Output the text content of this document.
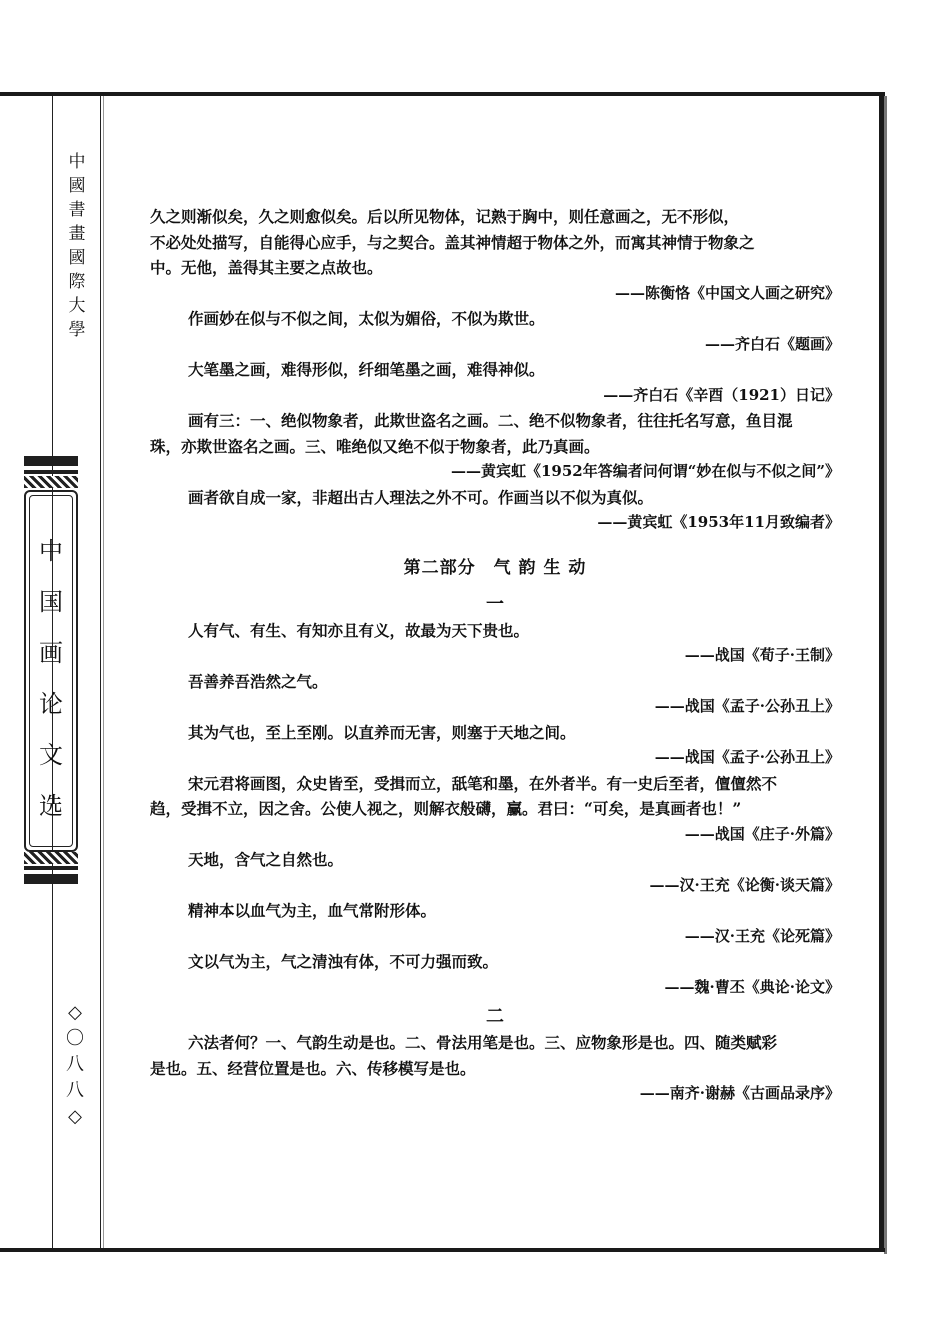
中
國
書
畫
國
際
大
學
中
国
画
论
文
选
◇
〇
八
八
◇
久之则渐似矣，久之则愈似矣。后以所见物体，记熟于胸中，则任意画之，无不形似，
不必处处描写，自能得心应手，与之契合。盖其神情超于物体之外，而寓其神情于物象之
中。无他，盖得其主要之点故也。
——陈衡恪《中国文人画之研究》
作画妙在似与不似之间，太似为媚俗，不似为欺世。
——齐白石《题画》
大笔墨之画，难得形似，纤细笔墨之画，难得神似。
——齐白石《辛酉（1921）日记》
画有三：一、绝似物象者，此欺世盗名之画。二、绝不似物象者，往往托名写意，鱼目混
珠，亦欺世盗名之画。三、唯绝似又绝不似于物象者，此乃真画。
——黄宾虹《1952年答编者问何谓“妙在似与不似之间”》
画者欲自成一家，非超出古人理法之外不可。作画当以不似为真似。
——黄宾虹《1953年11月致编者》
第二部分　气 韵 生 动
一
人有气、有生、有知亦且有义，故最为天下贵也。
——战国《荀子·王制》
吾善养吾浩然之气。
——战国《孟子·公孙丑上》
其为气也，至上至刚。以直养而无害，则塞于天地之间。
——战国《孟子·公孙丑上》
宋元君将画图，众史皆至，受揖而立，舐笔和墨，在外者半。有一史后至者，儃儃然不
趋，受揖不立，因之舍。公使人视之，则解衣般礴，臝。君曰：“可矣，是真画者也！”
——战国《庄子·外篇》
天地，含气之自然也。
——汉·王充《论衡·谈天篇》
精神本以血气为主，血气常附形体。
——汉·王充《论死篇》
文以气为主，气之清浊有体，不可力强而致。
——魏·曹丕《典论·论文》
二
六法者何？一、气韵生动是也。二、骨法用笔是也。三、应物象形是也。四、随类赋彩
是也。五、经营位置是也。六、传移模写是也。
——南齐·谢赫《古画品录序》
